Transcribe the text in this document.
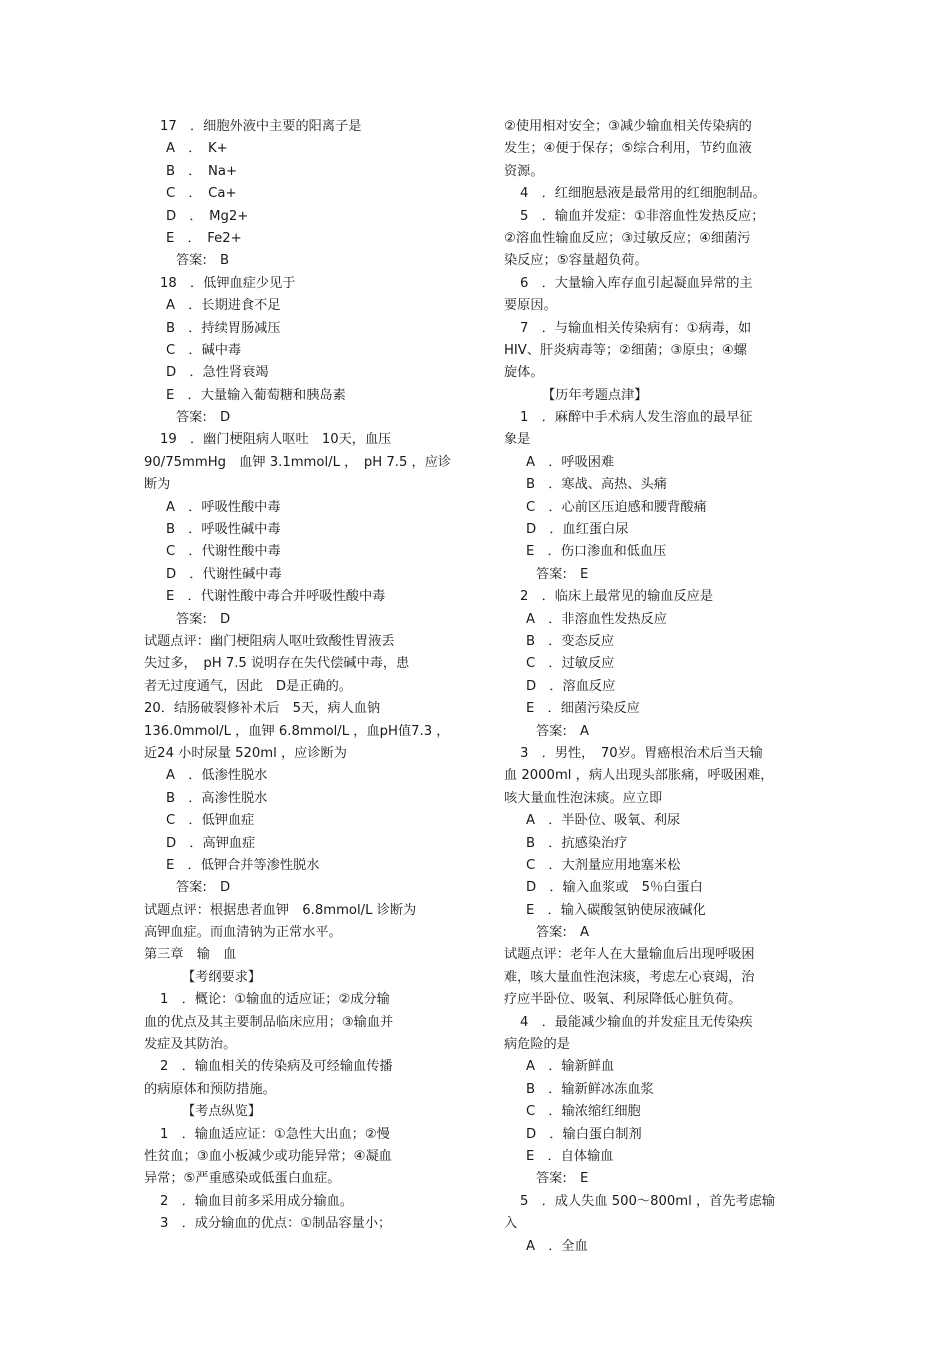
17　．细胞外液中主要的阳离子是
A　．　K+
B　．　Na+
C　．　Ca+
D　．　Mg2+
E　．　Fe2+
答案:　B
18　．低钾血症少见于
A　．长期进食不足
B　．持续胃肠减压
C　．碱中毒
D　．急性肾衰竭
E　．大量输入葡萄糖和胰岛素
答案:　D
19　．幽门梗阻病人呕吐　10天，血压
90/75mmHg　血钾 3.1mmol/L ，　pH 7.5 ，应诊
断为
A　．呼吸性酸中毒
B　．呼吸性碱中毒
C　．代谢性酸中毒
D　．代谢性碱中毒
E　．代谢性酸中毒合并呼吸性酸中毒
答案:　D
试题点评：幽门梗阻病人呕吐致酸性胃液丢
失过多，　pH 7.5 说明存在失代偿碱中毒，患
者无过度通气，因此　D是正确的。
20．结肠破裂修补术后　5天，病人血钠
136.0mmol/L ，血钾 6.8mmol/L ，血pH值7.3 ，
近24 小时尿量 520ml ，应诊断为
A　．低渗性脱水
B　．高渗性脱水
C　．低钾血症
D　．高钾血症
E　．低钾合并等渗性脱水
答案:　D
试题点评：根据患者血钾　6.8mmol/L 诊断为
高钾血症。而血清钠为正常水平。
第三章　输　血
【考纲要求】
1　．概论：①输血的适应证；②成分输
血的优点及其主要制品临床应用；③输血并
发症及其防治。
2　．输血相关的传染病及可经输血传播
的病原体和预防措施。
【考点纵览】
1　．输血适应证：①急性大出血；②慢
性贫血；③血小板减少或功能异常；④凝血
异常；⑤严重感染或低蛋白血症。
2　．输血目前多采用成分输血。
3　．成分输血的优点：①制品容量小；
②使用相对安全；③减少输血相关传染病的
发生；④便于保存；⑤综合利用，节约血液
资源。
4　．红细胞悬液是最常用的红细胞制品。
5　．输血并发症：①非溶血性发热反应；
②溶血性输血反应；③过敏反应；④细菌污
染反应；⑤容量超负荷。
6　．大量输入库存血引起凝血异常的主
要原因。
7　．与输血相关传染病有：①病毒，如
HIV、肝炎病毒等；②细菌；③原虫；④螺
旋体。
【历年考题点津】
1　．麻醉中手术病人发生溶血的最早征
象是
A　．呼吸困难
B　．寒战、高热、头痛
C　．心前区压迫感和腰背酸痛
D　．血红蛋白尿
E　．伤口渗血和低血压
答案:　E
2　．临床上最常见的输血反应是
A　．非溶血性发热反应
B　．变态反应
C　．过敏反应
D　．溶血反应
E　．细菌污染反应
答案:　A
3　．男性，　70岁。胃癌根治术后当天输
血 2000ml ，病人出现头部胀痛，呼吸困难，
咳大量血性泡沫痰。应立即
A　．半卧位、吸氧、利尿
B　．抗感染治疗
C　．大剂量应用地塞米松
D　．输入血浆或　5％白蛋白
E　．输入碳酸氢钠使尿液碱化
答案:　A
试题点评：老年人在大量输血后出现呼吸困
难，咳大量血性泡沫痰，考虑左心衰竭，治
疗应半卧位、吸氧、利尿降低心脏负荷。
4　．最能减少输血的并发症且无传染疾
病危险的是
A　．输新鲜血
B　．输新鲜冰冻血浆
C　．输浓缩红细胞
D　．输白蛋白制剂
E　．自体输血
答案:　E
5　．成人失血 500～800ml ，首先考虑输
入
A　．全血
